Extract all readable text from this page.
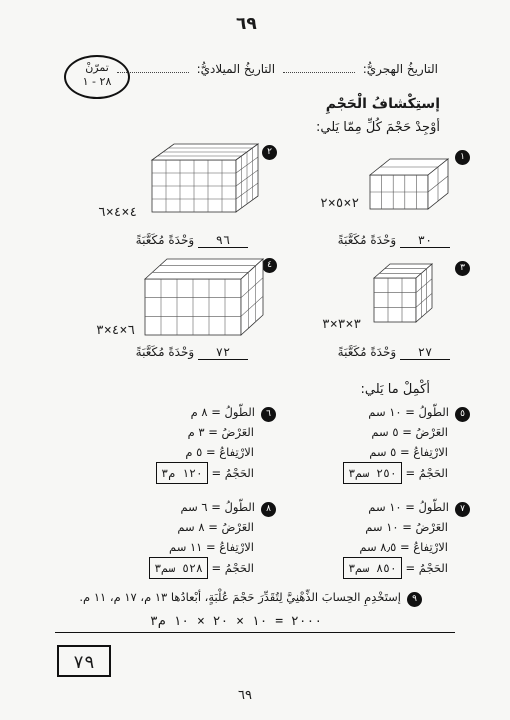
٦٩
التاريخُ الهجريُّ:  التاريخُ الميلاديُّ:
تمرّنْ
٢٨ - ١
إستِكْشافُ الْحَجْمِ
أوْجِدْ حَجْمَ كُلِّ مِمّا يَلي:
١
٢×٥×٢
٣٠ وَحْدَةً مُكَعَّبَةً
٢
٤×٤×٦
٩٦ وَحْدَةً مُكَعَّبَةً
٣
٣×٣×٣
٢٧ وَحْدَةً مُكَعَّبَةً
٤
٦×٤×٣
٧٢ وَحْدَةً مُكَعَّبَةً
أكْمِلْ ما يَلي:
٥الطّولُ = ١٠ سم
العَرْضُ = ٥ سم
الارْتِفاعُ = ٥ سم
الحَجْمُ = ٢٥٠ سم٣
٦الطّولُ = ٨ م
العَرْضُ = ٣ م
الارْتِفاعُ = ٥ م
الحَجْمُ = ١٢٠ م٣
٧الطّولُ = ١٠ سم
العَرْضُ = ١٠ سم
الارْتِفاعُ = ٨٫٥ سم
الحَجْمُ = ٨٥٠ سم٣
٨الطّولُ = ٦ سم
العَرْضُ = ٨ سم
الارْتِفاعُ = ١١ سم
الحَجْمُ = ٥٢٨ سم٣
٩إستَخْدِمِ الحِسابَ الذِّهْنِيَّ لِتُقَدِّرَ حَجْمَ عُلْبَةٍ، أبْعادُها ١٣ م، ١٧ م، ١١ م.
٢٠٠٠ = ١٠ × ٢٠ × ١٠ م٣
٧٩
٦٩
